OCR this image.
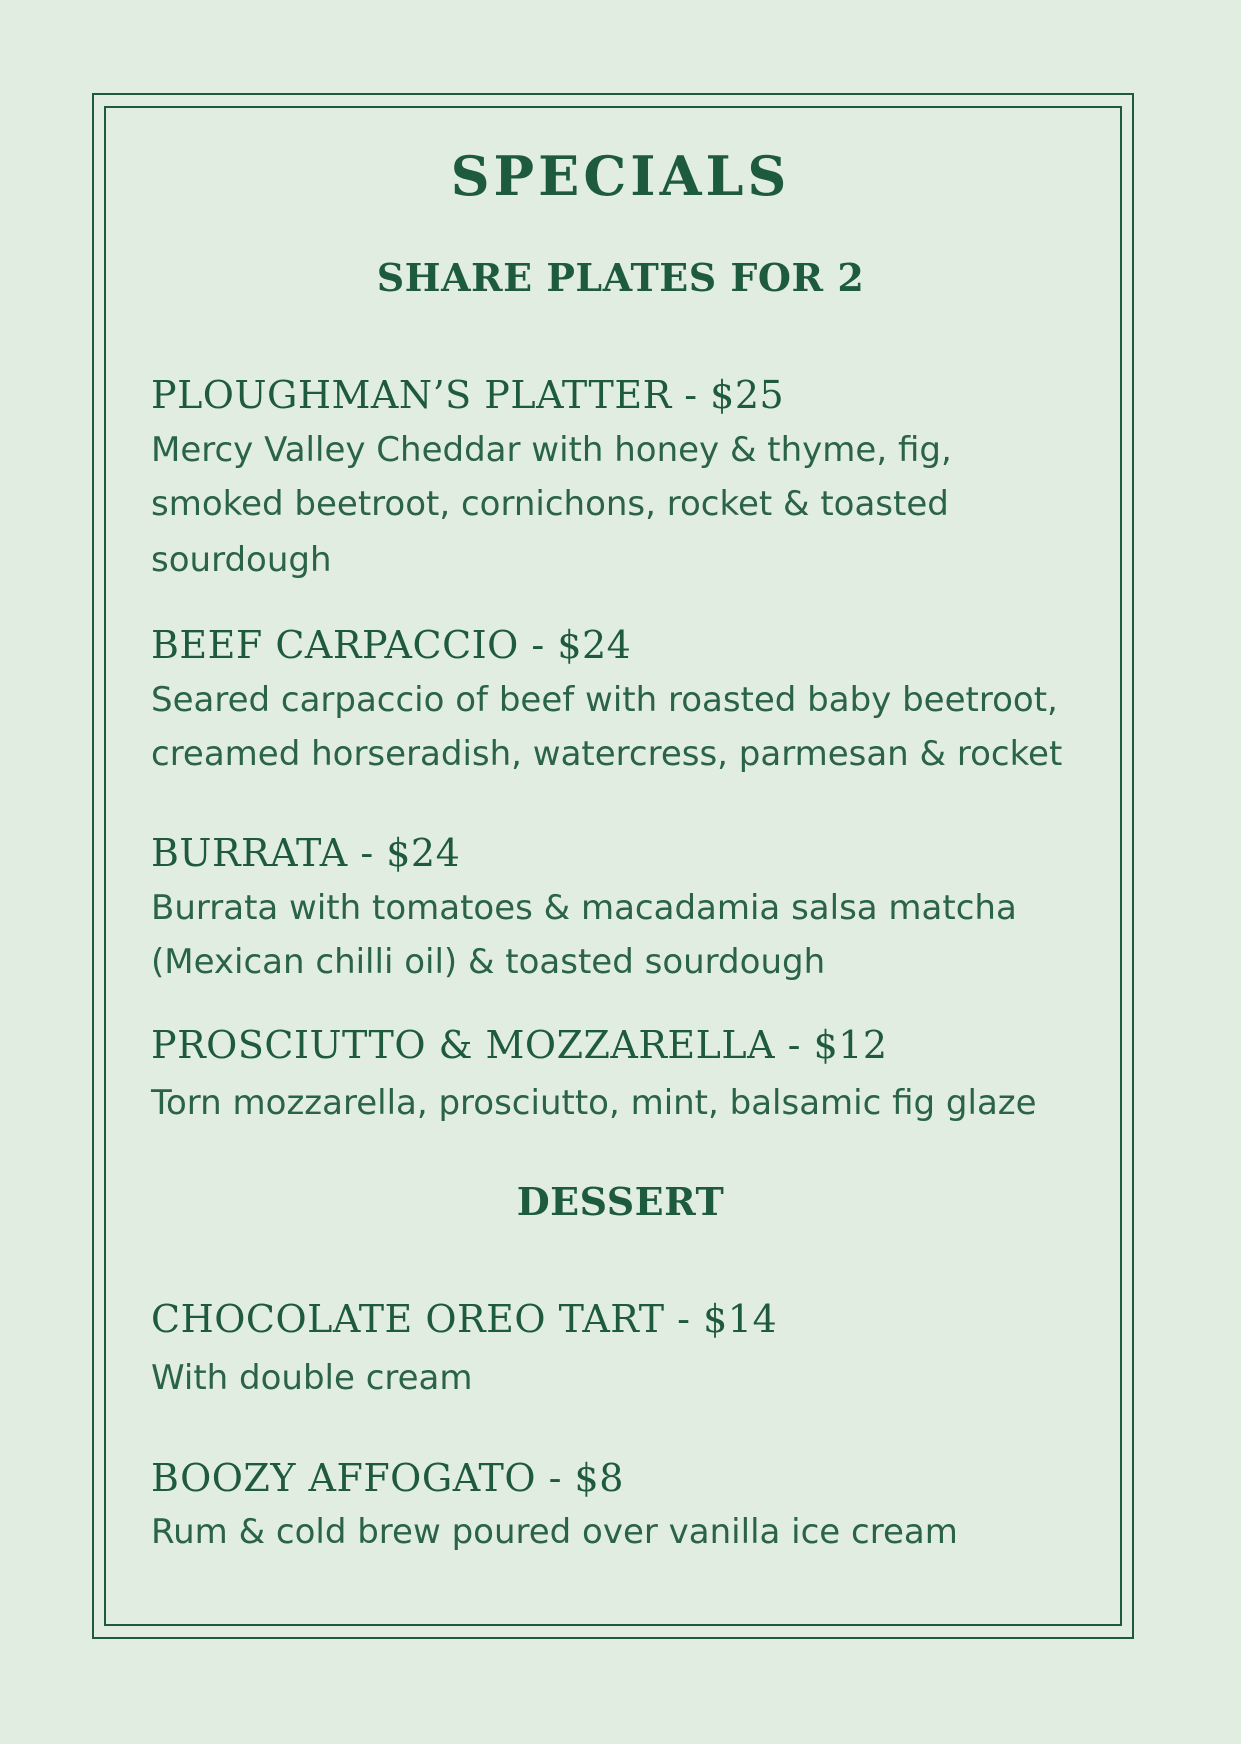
SPECIALS
SHARE PLATES FOR 2
PLOUGHMAN’S PLATTER - $25
Mercy Valley Cheddar with honey & thyme, fig,
smoked beetroot, cornichons, rocket & toasted
sourdough
BEEF CARPACCIO - $24
Seared carpaccio of beef with roasted baby beetroot,
creamed horseradish, watercress, parmesan & rocket
BURRATA - $24
Burrata with tomatoes & macadamia salsa matcha
(Mexican chilli oil) & toasted sourdough
PROSCIUTTO & MOZZARELLA - $12
Torn mozzarella, prosciutto, mint, balsamic fig glaze
DESSERT
CHOCOLATE OREO TART - $14
With double cream
BOOZY AFFOGATO - $8
Rum & cold brew poured over vanilla ice cream
